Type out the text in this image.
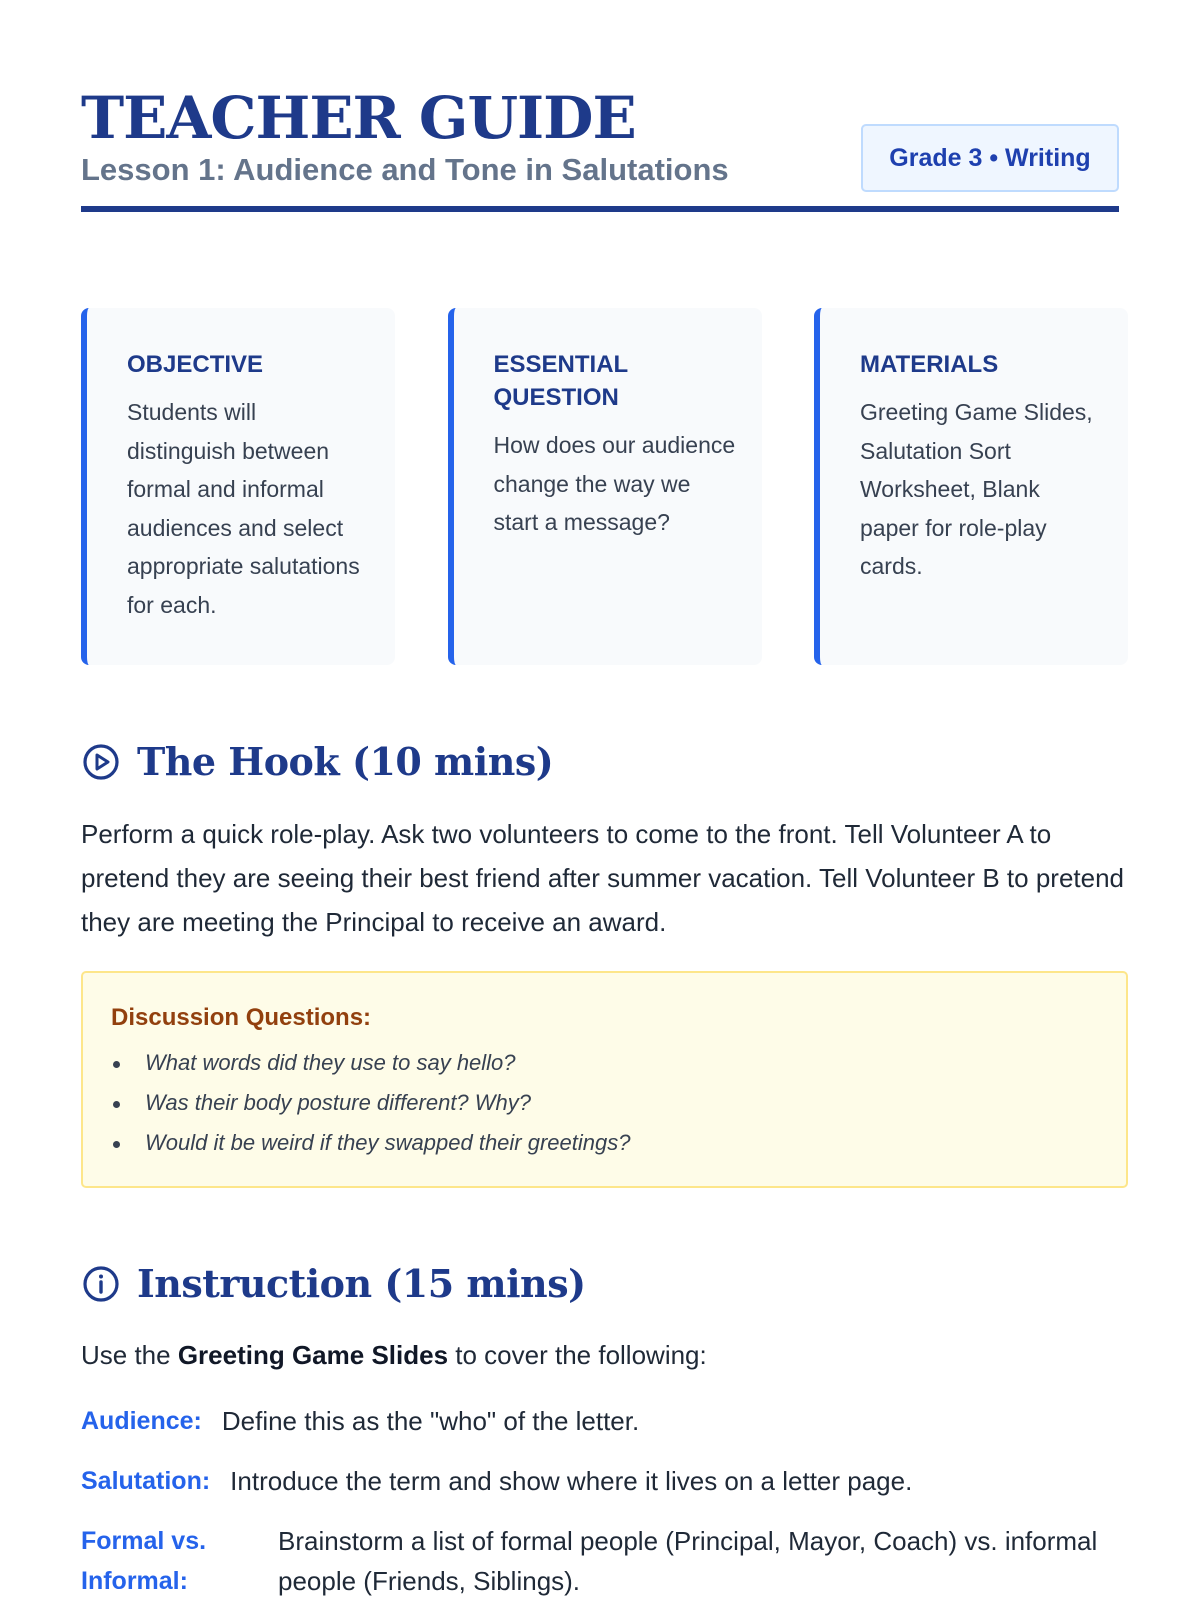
TEACHER GUIDE
Lesson 1: Audience and Tone in Salutations	Grade 3 • Writing
OBJECTIVE

Students will distinguish between formal and informal audiences and select appropriate salutations for each.

ESSENTIAL QUESTION

How does our audience change the way we start a message?

MATERIALS

Greeting Game Slides, Salutation Sort Worksheet, Blank paper for role-play cards.

The Hook (10 mins)

Perform a quick role-play. Ask two volunteers to come to the front. Tell Volunteer A to pretend they are seeing their best friend after summer vacation. Tell Volunteer B to pretend they are meeting the Principal to receive an award.

Discussion Questions:
What words did they use to say hello?
Was their body posture different? Why?
Would it be weird if they swapped their greetings?
Instruction (15 mins)

Use the Greeting Game Slides to cover the following:

Audience: Define this as the "who" of the letter.
Salutation: Introduce the term and show where it lives on a letter page.
Formal vs. Informal:
Brainstorm a list of formal people (Principal, Mayor, Coach) vs. informal people (Friends, Siblings).
